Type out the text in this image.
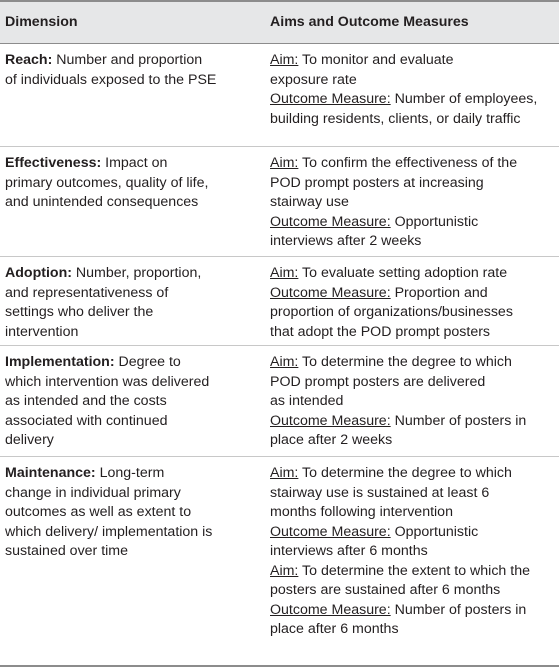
Dimension	Aims and Outcome Measures
Reach: Number and proportion
of individuals exposed to the PSE
Aim: To monitor and evaluate
exposure rate
Outcome Measure: Number of employees,
building residents, clients, or daily traffic
Effectiveness: Impact on
primary outcomes, quality of life,
and unintended consequences
Aim: To confirm the effectiveness of the
POD prompt posters at increasing
stairway use
Outcome Measure: Opportunistic
interviews after 2 weeks
Adoption: Number, proportion,
and representativeness of
settings who deliver the
intervention
Aim: To evaluate setting adoption rate
Outcome Measure: Proportion and
proportion of organizations/businesses
that adopt the POD prompt posters
Implementation: Degree to
which intervention was delivered
as intended and the costs
associated with continued
delivery
Aim: To determine the degree to which
POD prompt posters are delivered
as intended
Outcome Measure: Number of posters in
place after 2 weeks
Maintenance: Long-term
change in individual primary
outcomes as well as extent to
which delivery/ implementation is
sustained over time
Aim: To determine the degree to which
stairway use is sustained at least 6
months following intervention
Outcome Measure: Opportunistic
interviews after 6 months
Aim: To determine the extent to which the
posters are sustained after 6 months
Outcome Measure: Number of posters in
place after 6 months
